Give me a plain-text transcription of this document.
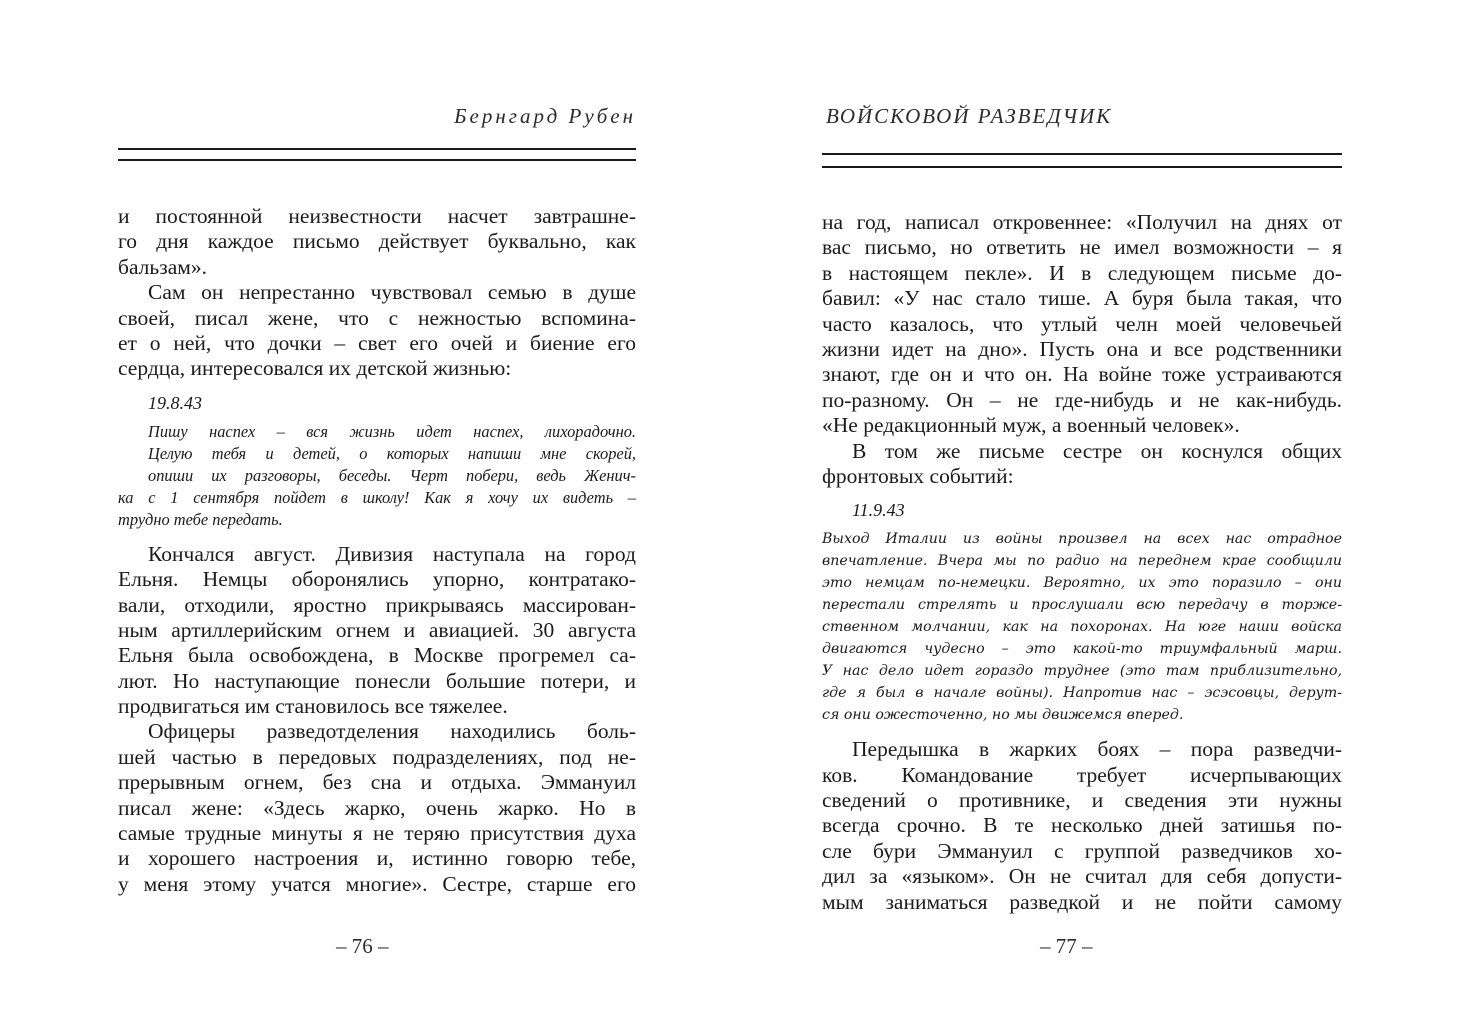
Бернгард Рубен
и постоянной неизвестности насчет завтрашне-
го дня каждое письмо действует буквально, как
бальзам».
Сам он непрестанно чувствовал семью в душе
своей, писал жене, что с нежностью вспомина-
ет о ней, что дочки – свет его очей и биение его
сердца, интересовался их детской жизнью:
19.8.43
Пишу наспех – вся жизнь идет наспех, лихорадочно.
Целую тебя и детей, о которых напиши мне скорей,
опиши их разговоры, беседы. Черт побери, ведь Женич-
ка с 1 сентября пойдет в школу! Как я хочу их видеть –
трудно тебе передать.
Кончался август. Дивизия наступала на город
Ельня. Немцы оборонялись упорно, контратако-
вали, отходили, яростно прикрываясь массирован-
ным артиллерийским огнем и авиацией. 30 августа
Ельня была освобождена, в Москве прогремел са-
лют. Но наступающие понесли большие потери, и
продвигаться им становилось все тяжелее.
Офицеры разведотделения находились боль-
шей частью в передовых подразделениях, под не-
прерывным огнем, без сна и отдыха. Эммануил
писал жене: «Здесь жарко, очень жарко. Но в
самые трудные минуты я не теряю присутствия духа
и хорошего настроения и, истинно говорю тебе,
у меня этому учатся многие». Сестре, старше его
– 76 –
ВОЙСКОВОЙ РАЗВЕДЧИК
на год, написал откровеннее: «Получил на днях от
вас письмо, но ответить не имел возможности – я
в настоящем пекле». И в следующем письме до-
бавил: «У нас стало тише. А буря была такая, что
часто казалось, что утлый челн моей человечьей
жизни идет на дно». Пусть она и все родственники
знают, где он и что он. На войне тоже устраиваются
по-разному. Он – не где-нибудь и не как-нибудь.
«Не редакционный муж, а военный человек».
В том же письме сестре он коснулся общих
фронтовых событий:
11.9.43
Выход Италии из войны произвел на всех нас отрадное
впечатление. Вчера мы по радио на переднем крае сообщили
это немцам по-немецки. Вероятно, их это поразило – они
перестали стрелять и прослушали всю передачу в торже-
ственном молчании, как на похоронах. На юге наши войска
двигаются чудесно – это какой-то триумфальный марш.
У нас дело идет гораздо труднее (это там приблизительно,
где я был в начале войны). Напротив нас – эсэсовцы, дерут-
ся они ожесточенно, но мы движемся вперед.
Передышка в жарких боях – пора разведчи-
ков. Командование требует исчерпывающих
сведений о противнике, и сведения эти нужны
всегда срочно. В те несколько дней затишья по-
сле бури Эммануил с группой разведчиков хо-
дил за «языком». Он не считал для себя допусти-
мым заниматься разведкой и не пойти самому
– 77 –
